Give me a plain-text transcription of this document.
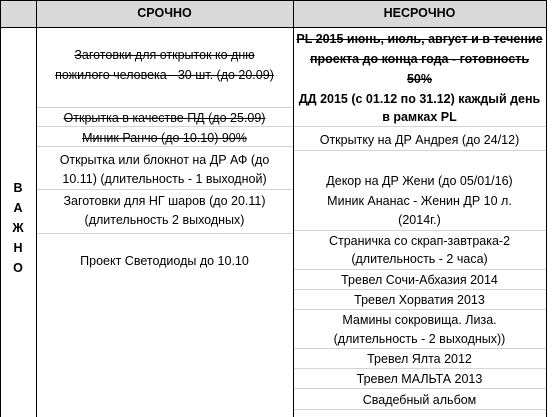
СРОЧНО	НЕСРОЧНО
В
А
Ж
Н
О
Заготовки для открыток ко дню
пожилого человека - 30 шт. (до 20.09)
Открытка в качестве ПД (до 25.09)
Миник Ранчо (до 10.10) 90%
Открытка или блокнот на ДР АФ (до
10.11) (длительность - 1 выходной)
Заготовки для НГ шаров (до 20.11)
(длительность 2 выходных)
Проект Светодиоды до 10.10
PL 2015 июнь, июль, август и в течение
проекта до конца года - готовность
50%
ДД 2015 (с 01.12 по 31.12) каждый день
в рамках PL
Открытку на ДР Андрея (до 24/12)
Декор на ДР Жени (до 05/01/16)
Миник Ананас - Женин ДР 10 л.
(2014г.)
Страничка со скрап-завтрака-2
(длительность - 2 часа)
Тревел Сочи-Абхазия 2014
Тревел Хорватия 2013
Мамины сокровища. Лиза.
(длительность - 2 выходных))
Тревел Ялта 2012
Тревел МАЛЬТА 2013
Свадебный альбом
